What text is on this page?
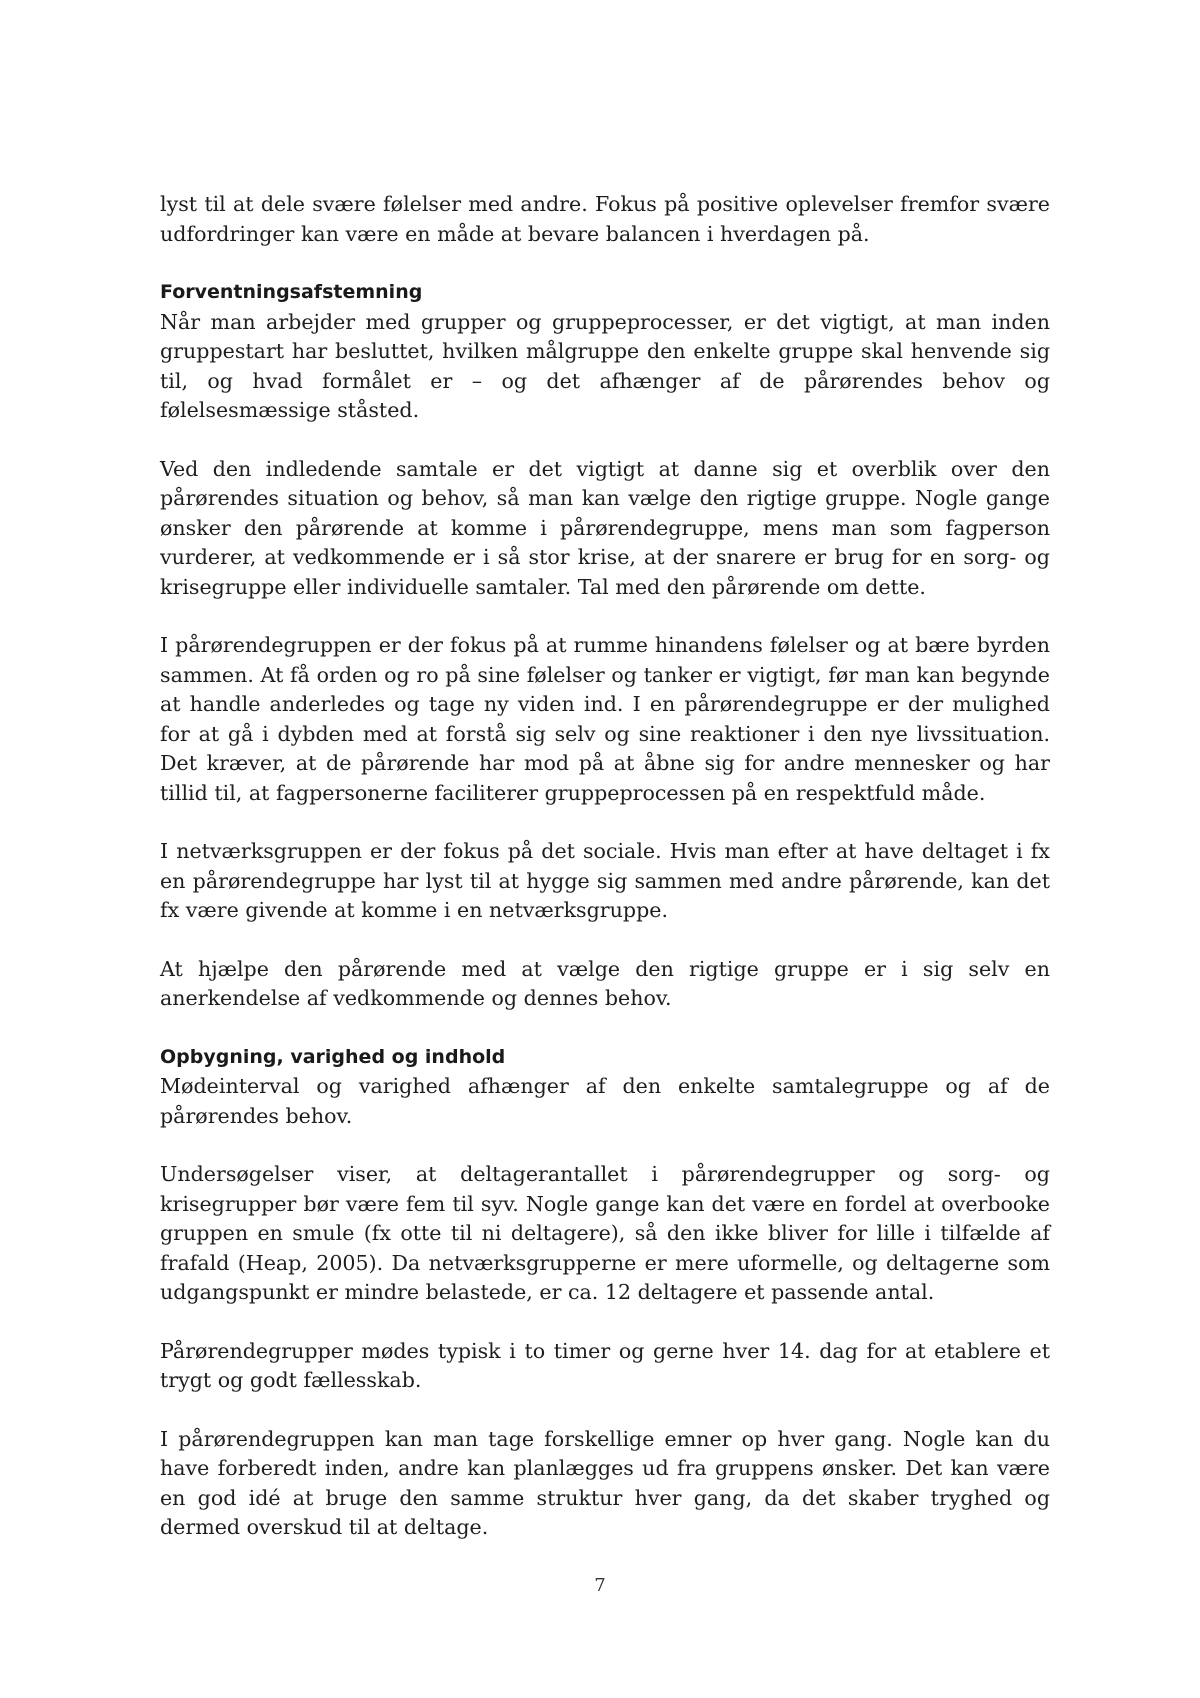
lyst til at dele svære følelser med andre. Fokus på positive oplevelser fremfor svære udfordringer kan være en måde at bevare balancen i hverdagen på.

Forventningsafstemning

Når man arbejder med grupper og gruppeprocesser, er det vigtigt, at man inden gruppestart har besluttet, hvilken målgruppe den enkelte gruppe skal henvende sig til, og hvad formålet er – og det afhænger af de pårørendes behov og følelsesmæssige ståsted.

Ved den indledende samtale er det vigtigt at danne sig et overblik over den pårørendes situation og behov, så man kan vælge den rigtige gruppe. Nogle gange ønsker den pårørende at komme i pårørendegruppe, mens man som fagperson vurderer, at vedkommende er i så stor krise, at der snarere er brug for en sorg- og krisegruppe eller individuelle samtaler. Tal med den pårørende om dette.

I pårørendegruppen er der fokus på at rumme hinandens følelser og at bære byrden sammen. At få orden og ro på sine følelser og tanker er vigtigt, før man kan begynde at handle anderledes og tage ny viden ind. I en pårørendegruppe er der mulighed for at gå i dybden med at forstå sig selv og sine reaktioner i den nye livssituation. Det kræver, at de pårørende har mod på at åbne sig for andre mennesker og har tillid til, at fagpersonerne faciliterer gruppeprocessen på en respektfuld måde.

I netværksgruppen er der fokus på det sociale. Hvis man efter at have deltaget i fx en pårørendegruppe har lyst til at hygge sig sammen med andre pårørende, kan det fx være givende at komme i en netværksgruppe.

At hjælpe den pårørende med at vælge den rigtige gruppe er i sig selv en anerkendelse af vedkommende og dennes behov.

Opbygning, varighed og indhold

Mødeinterval og varighed afhænger af den enkelte samtalegruppe og af de pårørendes behov.

Undersøgelser viser, at deltagerantallet i pårørendegrupper og sorg- og krisegrupper bør være fem til syv. Nogle gange kan det være en fordel at overbooke gruppen en smule (fx otte til ni deltagere), så den ikke bliver for lille i tilfælde af frafald (Heap, 2005). Da netværksgrupperne er mere uformelle, og deltagerne som udgangspunkt er mindre belastede, er ca. 12 deltagere et passende antal.

Pårørendegrupper mødes typisk i to timer og gerne hver 14. dag for at etablere et trygt og godt fællesskab.

I pårørendegruppen kan man tage forskellige emner op hver gang. Nogle kan du have forberedt inden, andre kan planlægges ud fra gruppens ønsker. Det kan være en god idé at bruge den samme struktur hver gang, da det skaber tryghed og dermed overskud til at deltage.

7
